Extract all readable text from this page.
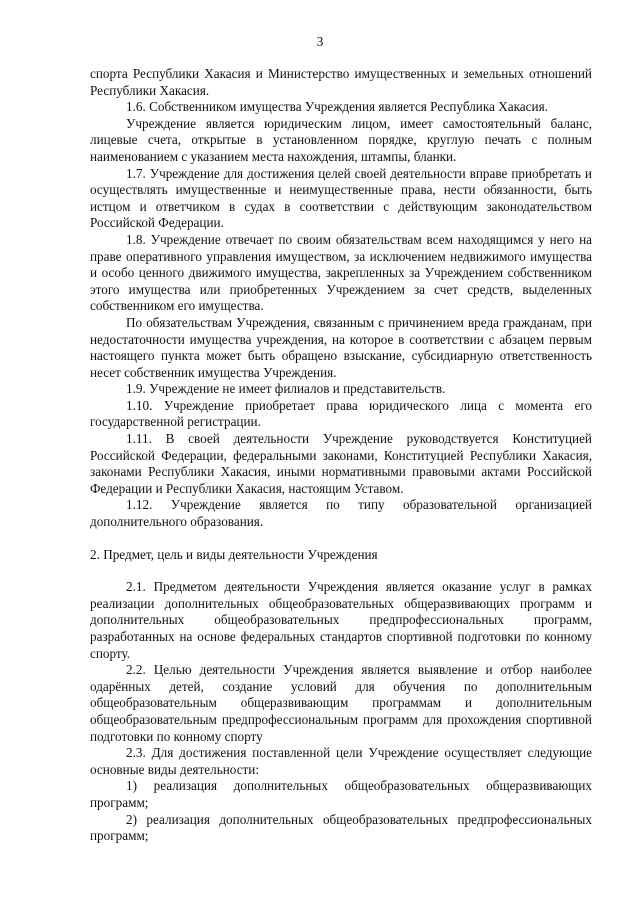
3

спорта Республики Хакасия и Министерство имущественных и земельных отношений Республики Хакасия.

1.6. Собственником имущества Учреждения является Республика Хакасия.

Учреждение является юридическим лицом, имеет самостоятельный баланс, лицевые счета, открытые в установленном порядке, круглую печать с полным наименованием с указанием места нахождения, штампы, бланки.

1.7. Учреждение для достижения целей своей деятельности вправе приобретать и осуществлять имущественные и неимущественные права, нести обязанности, быть истцом и ответчиком в судах в соответствии с действующим законодательством Российской Федерации.

1.8. Учреждение отвечает по своим обязательствам всем находящимся у него на праве оперативного управления имуществом, за исключением недвижимого имущества и особо ценного движимого имущества, закрепленных за Учреждением собственником этого имущества или приобретенных Учреждением за счет средств, выделенных собственником его имущества.

По обязательствам Учреждения, связанным с причинением вреда гражданам, при недостаточности имущества учреждения, на которое в соответствии с абзацем первым настоящего пункта может быть обращено взыскание, субсидиарную ответственность несет собственник имущества Учреждения.

1.9. Учреждение не имеет филиалов и представительств.

1.10. Учреждение приобретает права юридического лица с момента его государственной регистрации.

1.11. В своей деятельности Учреждение руководствуется Конституцией Российской Федерации, федеральными законами, Конституцией Республики Хакасия, законами Республики Хакасия, иными нормативными правовыми актами Российской Федерации и Республики Хакасия, настоящим Уставом.

1.12. Учреждение является по типу образовательной организацией дополнительного образования.

2. Предмет, цель и виды деятельности Учреждения

2.1. Предметом деятельности Учреждения является оказание услуг в рамках реализации дополнительных общеобразовательных общеразвивающих программ и дополнительных общеобразовательных предпрофессиональных программ, разработанных на основе федеральных стандартов спортивной подготовки по конному спорту.

2.2. Целью деятельности Учреждения является выявление и отбор наиболее одарённых детей, создание условий для обучения по дополнительным общеобразовательным общеразвивающим программам и дополнительным общеобразовательным предпрофессиональным программ для прохождения спортивной подготовки по конному спорту

2.3. Для достижения поставленной цели Учреждение осуществляет следующие основные виды деятельности:

1) реализация дополнительных общеобразовательных общеразвивающих программ;

2) реализация дополнительных общеобразовательных предпрофессиональных программ;
